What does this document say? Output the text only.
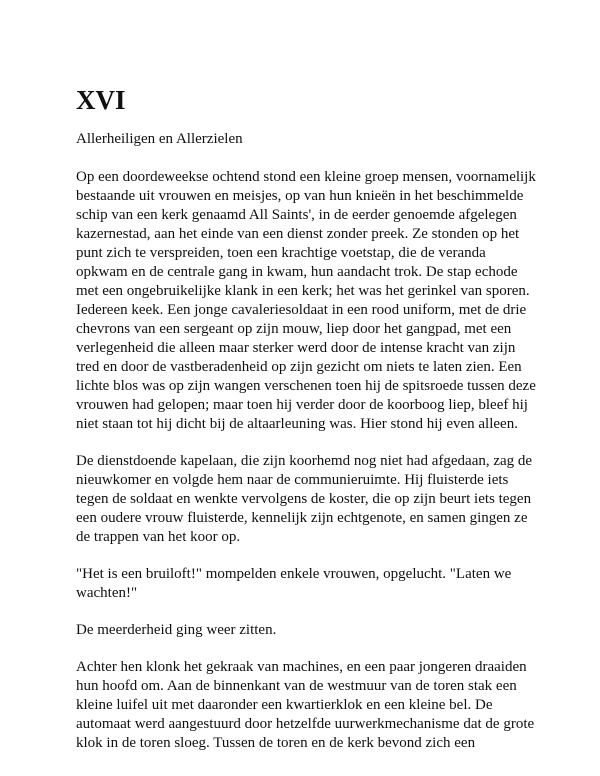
XVI
Allerheiligen en Allerzielen

Op een doordeweekse ochtend stond een kleine groep mensen, voornamelijk bestaande uit vrouwen en meisjes, op van hun knieën in het beschimmelde schip van een kerk genaamd All Saints', in de eerder genoemde afgelegen kazernestad, aan het einde van een dienst zonder preek. Ze stonden op het punt zich te verspreiden, toen een krachtige voetstap, die de veranda opkwam en de centrale gang in kwam, hun aandacht trok. De stap echode met een ongebruikelijke klank in een kerk; het was het gerinkel van sporen. Iedereen keek. Een jonge cavaleriesoldaat in een rood uniform, met de drie chevrons van een sergeant op zijn mouw, liep door het gangpad, met een verlegenheid die alleen maar sterker werd door de intense kracht van zijn tred en door de vastberadenheid op zijn gezicht om niets te laten zien. Een lichte blos was op zijn wangen verschenen toen hij de spitsroede tussen deze vrouwen had gelopen; maar toen hij verder door de koorboog liep, bleef hij niet staan tot hij dicht bij de altaarleuning was. Hier stond hij even alleen.

De dienstdoende kapelaan, die zijn koorhemd nog niet had afgedaan, zag de nieuwkomer en volgde hem naar de communieruimte. Hij fluisterde iets tegen de soldaat en wenkte vervolgens de koster, die op zijn beurt iets tegen een oudere vrouw fluisterde, kennelijk zijn echtgenote, en samen gingen ze de trappen van het koor op.

"Het is een bruiloft!" mompelden enkele vrouwen, opgelucht. "Laten we wachten!"

De meerderheid ging weer zitten.

Achter hen klonk het gekraak van machines, en een paar jongeren draaiden hun hoofd om. Aan de binnenkant van de westmuur van de toren stak een kleine luifel uit met daaronder een kwartierklok en een kleine bel. De automaat werd aangestuurd door hetzelfde uurwerkmechanisme dat de grote klok in de toren sloeg. Tussen de toren en de kerk bevond zich een
